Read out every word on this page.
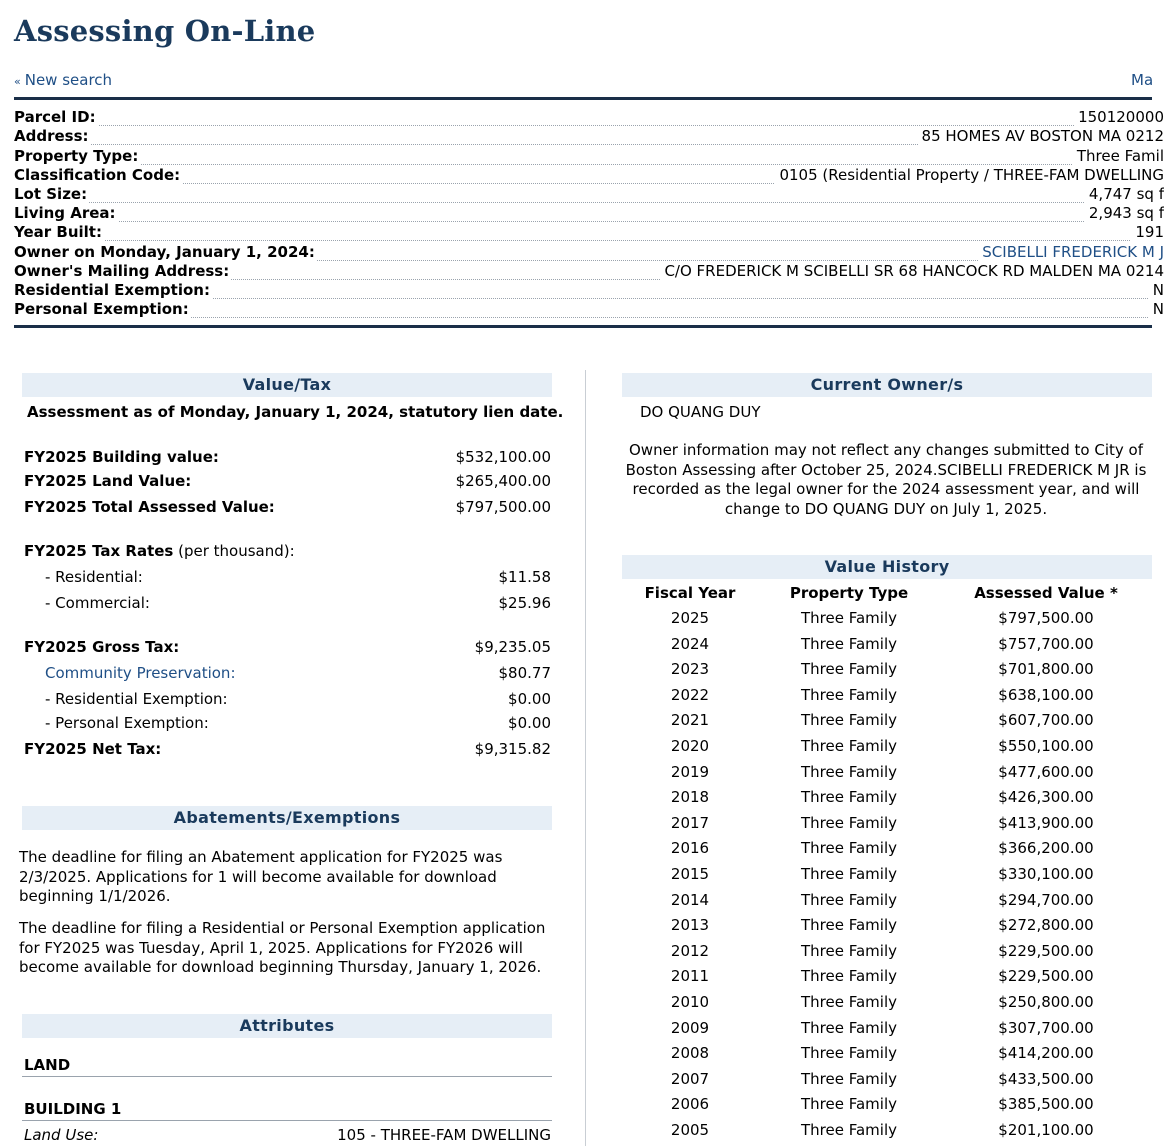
Assessing On-Line
« New search	Ma
Parcel ID:	150120000
Address:	85 HOMES AV BOSTON MA 0212
Property Type:	Three Famil
Classification Code:	0105 (Residential Property / THREE-FAM DWELLING
Lot Size:	4,747 sq f
Living Area:	2,943 sq f
Year Built:	191
Owner on Monday, January 1, 2024:	SCIBELLI FREDERICK M J
Owner's Mailing Address:	C/O FREDERICK M SCIBELLI SR 68 HANCOCK RD MALDEN MA 0214
Residential Exemption:	N
Personal Exemption:	N
Value/Tax
Assessment as of Monday, January 1, 2024, statutory lien date.
FY2025 Building value:	$532,100.00
FY2025 Land Value:	$265,400.00
FY2025 Total Assessed Value:	$797,500.00
FY2025 Tax Rates (per thousand):
- Residential:	$11.58
- Commercial:	$25.96
FY2025 Gross Tax:	$9,235.05
Community Preservation:	$80.77
- Residential Exemption:	$0.00
- Personal Exemption:	$0.00
FY2025 Net Tax:	$9,315.82
Abatements/Exemptions
The deadline for filing an Abatement application for FY2025 was 2/3/2025. Applications for 1 will become available for download beginning 1/1/2026.
The deadline for filing a Residential or Personal Exemption application for FY2025 was Tuesday, April 1, 2025. Applications for FY2026 will become available for download beginning Thursday, January 1, 2026.
Attributes
LAND
BUILDING 1
Land Use:	105 - THREE-FAM DWELLING
Current Owner/s
DO QUANG DUY
Owner information may not reflect any changes submitted to City of Boston Assessing after October 25, 2024.SCIBELLI FREDERICK M JR is recorded as the legal owner for the 2024 assessment year, and will change to DO QUANG DUY on July 1, 2025.
Value History
Fiscal Year	Property Type	Assessed Value *
2025	Three Family	$797,500.00
2024	Three Family	$757,700.00
2023	Three Family	$701,800.00
2022	Three Family	$638,100.00
2021	Three Family	$607,700.00
2020	Three Family	$550,100.00
2019	Three Family	$477,600.00
2018	Three Family	$426,300.00
2017	Three Family	$413,900.00
2016	Three Family	$366,200.00
2015	Three Family	$330,100.00
2014	Three Family	$294,700.00
2013	Three Family	$272,800.00
2012	Three Family	$229,500.00
2011	Three Family	$229,500.00
2010	Three Family	$250,800.00
2009	Three Family	$307,700.00
2008	Three Family	$414,200.00
2007	Three Family	$433,500.00
2006	Three Family	$385,500.00
2005	Three Family	$201,100.00
